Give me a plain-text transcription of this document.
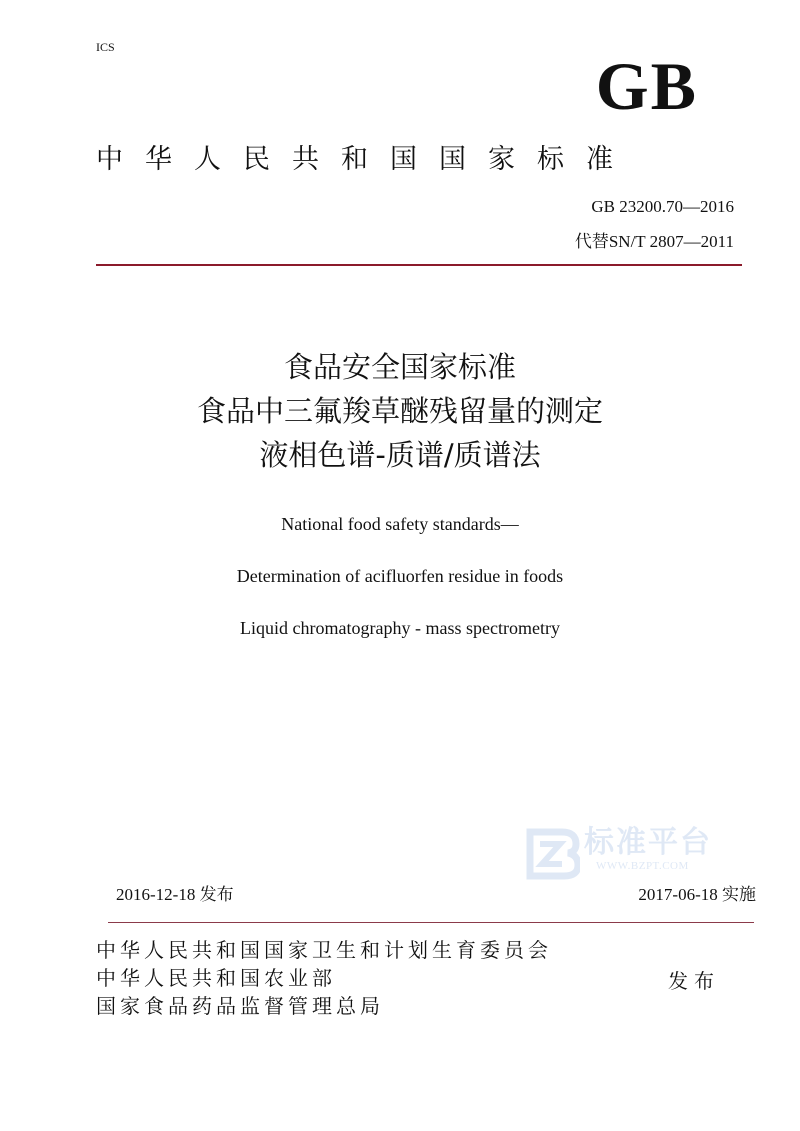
ICS
GB
中华人民共和国国家标准
GB 23200.70—2016
代替SN/T 2807—2011
食品安全国家标准
食品中三氟羧草醚残留量的测定
液相色谱-质谱/质谱法
National food safety standards—
Determination of acifluorfen residue in foods
Liquid chromatography - mass spectrometry
标准平台
WWW.BZPT.COM
2016-12-18 发布	2017-06-18 实施
中华人民共和国国家卫生和计划生育委员会
中华人民共和国农业部
国家食品药品监督管理总局
发布
